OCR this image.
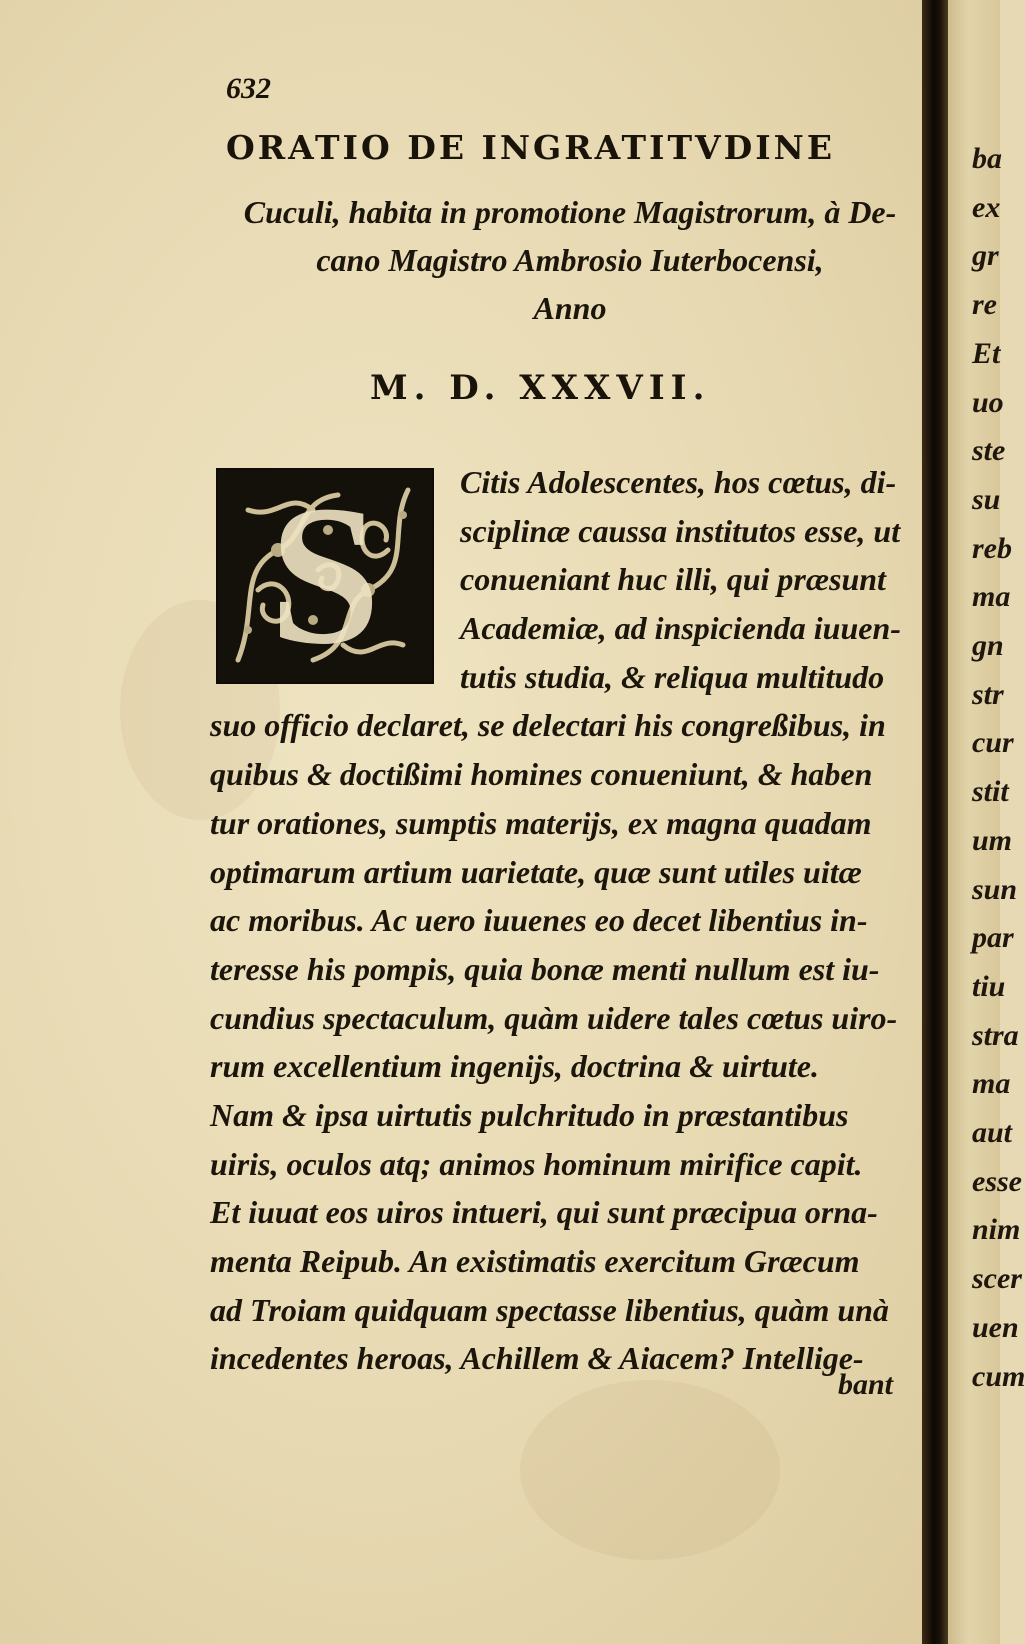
632
ORATIO DE INGRATITVDINE
Cuculi, habita in promotione Magistrorum, à De-
cano Magistro Ambrosio Iuterbocensi,
Anno
M. D. XXXVII.
S	Citis Adolescentes, hos cœtus, di-
sciplinæ caussa institutos esse, ut
conueniant huc illi, qui præsunt
Academiæ, ad inspicienda iuuen-
tutis studia, & reliqua multitudo
suo officio declaret, se delectari his congreßibus, in
quibus & doctißimi homines conueniunt, & haben
tur orationes, sumptis materijs, ex magna quadam
optimarum artium uarietate, quæ sunt utiles uitæ
ac moribus. Ac uero iuuenes eo decet libentius in-
teresse his pompis, quia bonæ menti nullum est iu-
cundius spectaculum, quàm uidere tales cœtus uiro-
rum excellentium ingenijs, doctrina & uirtute.
Nam & ipsa uirtutis pulchritudo in præstantibus
uiris, oculos atq; animos hominum mirifice capit.
Et iuuat eos uiros intueri, qui sunt præcipua orna-
menta Reipub. An existimatis exercitum Græcum
ad Troiam quidquam spectasse libentius, quàm unà
incedentes heroas, Achillem & Aiacem? Intellige-
bant
ba
ex
gr
re
Et
uo
ste
su
reb
ma
gn
str
cur
stit
um
sun
par
tiu
stra
ma
aut
esse
nim
scer
uen
cum
